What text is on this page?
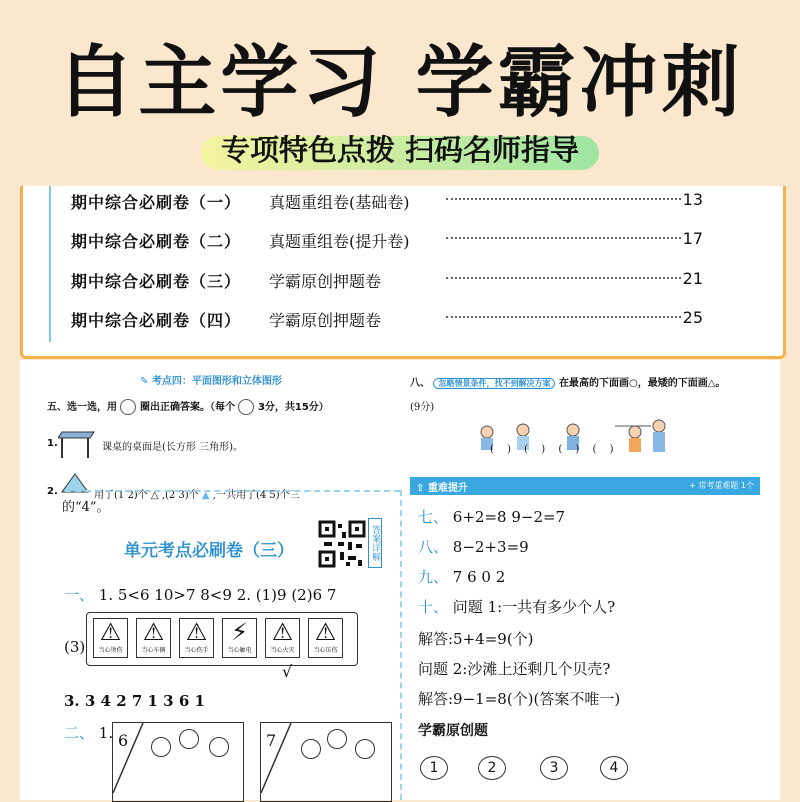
自主学习 学霸冲刺
专项特色点拨 扫码名师指导
期中综合必刷卷（一） 真题重组卷(基础卷)	13
期中综合必刷卷（二） 真题重组卷(提升卷)	17
期中综合必刷卷（三） 学霸原创押题卷	21
期中综合必刷卷（四） 学霸原创押题卷	25
✎ 考点四：平面图形和立体图形
五、选一选，用 圈出正确答案。（每个 3分，共15分）
1.	课桌的桌面是(长方形 三角形)。
2.	用了(1 2)个 △ ,(2 3)个 ▲ ,一共用了(4 5)个三
的“4”。
单元考点必刷卷（三）	答案详解
一、 1. 5<6 10>7 8<9 2. (1)9 (2)6 7
(3)
⚠
当心烫伤
⚠
当心车辆
⚠
当心伤手
⚡
当心触电
⚠
当心火灾
⚠
当心压伤
√
3. 3 4 2 7 1 3 6 1
二、 1. 6	7
八、 忽略情景条件，找不到解决方案 在最高的下面画○，最矮的下面画△。
(9分)
( ) ( ) ( ) ( )
⇧ 重难提升	+ 常考重难题 1个
七、 6+2=8 9−2=7
八、 8−2+3=9
九、 7 6 0 2
十、 问题 1:一共有多少个人?
解答:5+4=9(个)
问题 2:沙滩上还剩几个贝壳?
解答:9−1=8(个)(答案不唯一)
学霸原创题
1	2	3	4
